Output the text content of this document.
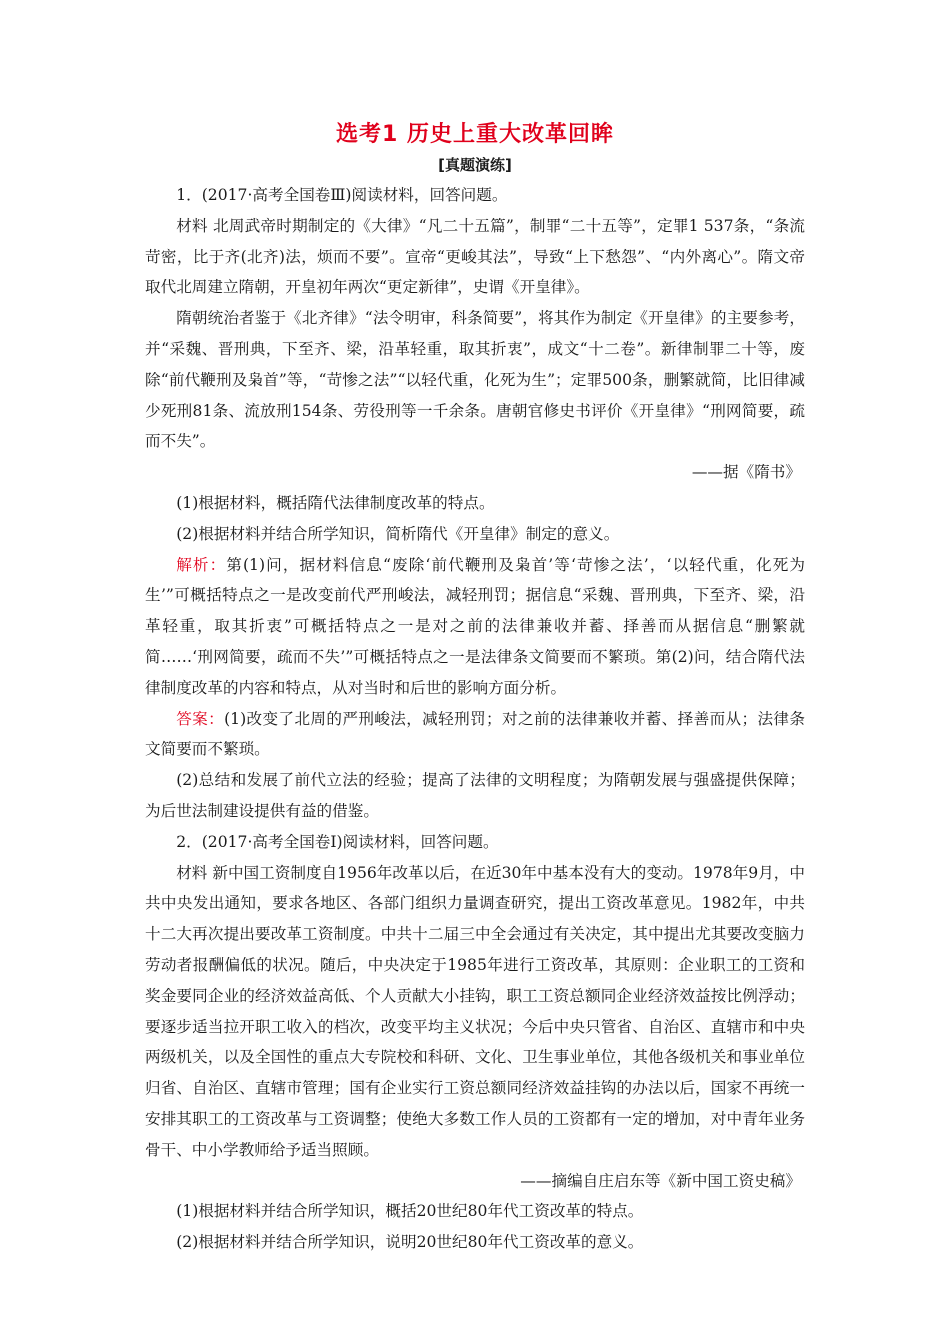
选考1 历史上重大改革回眸
[真题演练]

1．(2017·高考全国卷Ⅲ)阅读材料，回答问题。

材料 北周武帝时期制定的《大律》“凡二十五篇”，制罪“二十五等”，定罪1 537条，“条流苛密，比于齐(北齐)法，烦而不要”。宣帝“更峻其法”，导致“上下愁怨”、“内外离心”。隋文帝取代北周建立隋朝，开皇初年两次“更定新律”，史谓《开皇律》。

隋朝统治者鉴于《北齐律》“法令明审，科条简要”，将其作为制定《开皇律》的主要参考，并“采魏、晋刑典，下至齐、梁，沿革轻重，取其折衷”，成文“十二卷”。新律制罪二十等，废除“前代鞭刑及枭首”等，“苛惨之法”“以轻代重，化死为生”；定罪500条，删繁就简，比旧律减少死刑81条、流放刑154条、劳役刑等一千余条。唐朝官修史书评价《开皇律》“刑网简要，疏而不失”。

——据《隋书》

(1)根据材料，概括隋代法律制度改革的特点。

(2)根据材料并结合所学知识，简析隋代《开皇律》制定的意义。

解析：第(1)问，据材料信息“废除‘前代鞭刑及枭首’等‘苛惨之法’，‘以轻代重，化死为生’”可概括特点之一是改变前代严刑峻法，减轻刑罚；据信息“采魏、晋刑典，下至齐、梁，沿革轻重，取其折衷”可概括特点之一是对之前的法律兼收并蓄、择善而从据信息“删繁就简……‘刑网简要，疏而不失’”可概括特点之一是法律条文简要而不繁琐。第(2)问，结合隋代法律制度改革的内容和特点，从对当时和后世的影响方面分析。

答案：(1)改变了北周的严刑峻法，减轻刑罚；对之前的法律兼收并蓄、择善而从；法律条文简要而不繁琐。

(2)总结和发展了前代立法的经验；提高了法律的文明程度；为隋朝发展与强盛提供保障；为后世法制建设提供有益的借鉴。

2．(2017·高考全国卷Ⅰ)阅读材料，回答问题。

材料 新中国工资制度自1956年改革以后，在近30年中基本没有大的变动。1978年9月，中共中央发出通知，要求各地区、各部门组织力量调查研究，提出工资改革意见。1982年，中共十二大再次提出要改革工资制度。中共十二届三中全会通过有关决定，其中提出尤其要改变脑力劳动者报酬偏低的状况。随后，中央决定于1985年进行工资改革，其原则：企业职工的工资和奖金要同企业的经济效益高低、个人贡献大小挂钩，职工工资总额同企业经济效益按比例浮动；要逐步适当拉开职工收入的档次，改变平均主义状况；今后中央只管省、自治区、直辖市和中央两级机关，以及全国性的重点大专院校和科研、文化、卫生事业单位，其他各级机关和事业单位归省、自治区、直辖市管理；国有企业实行工资总额同经济效益挂钩的办法以后，国家不再统一安排其职工的工资改革与工资调整；使绝大多数工作人员的工资都有一定的增加，对中青年业务骨干、中小学教师给予适当照顾。

——摘编自庄启东等《新中国工资史稿》

(1)根据材料并结合所学知识，概括20世纪80年代工资改革的特点。

(2)根据材料并结合所学知识，说明20世纪80年代工资改革的意义。
